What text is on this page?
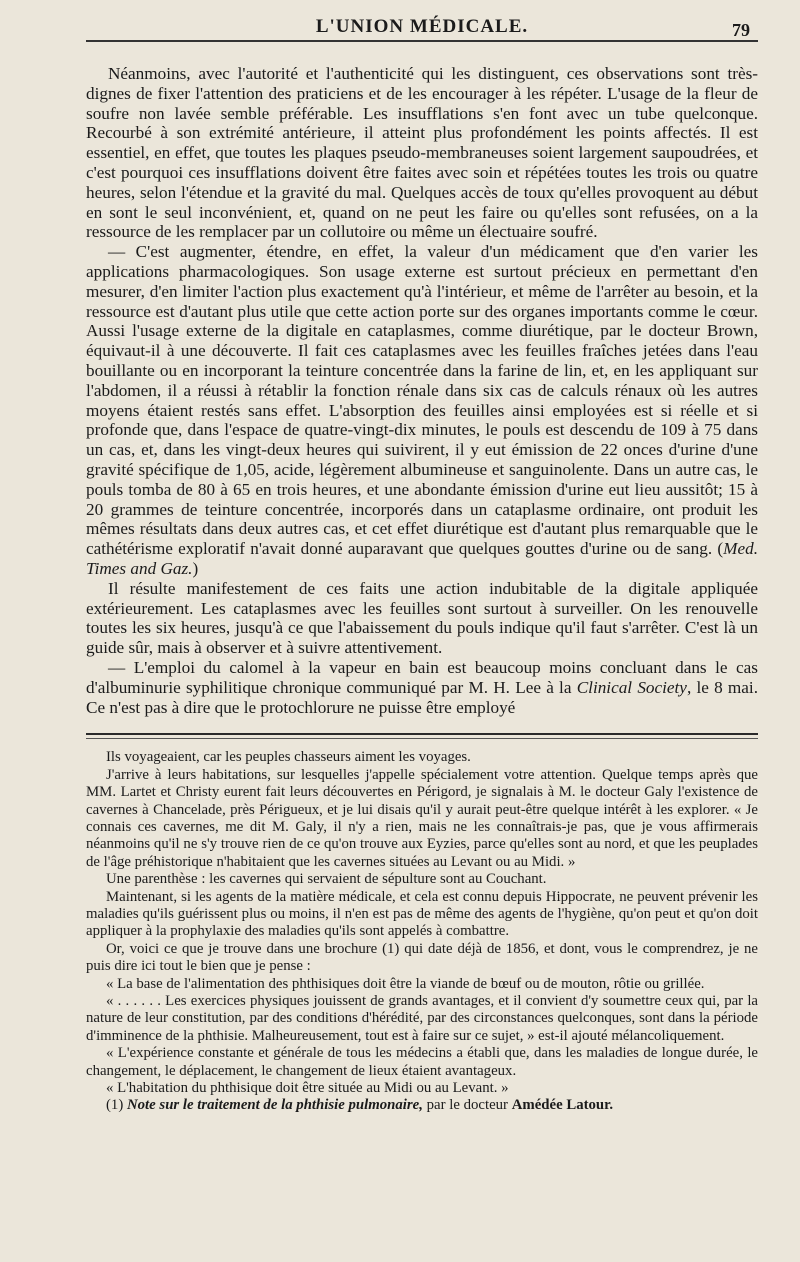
L'UNION MÉDICALE.	79

Néanmoins, avec l'autorité et l'authenticité qui les distinguent, ces observations sont très-dignes de fixer l'attention des praticiens et de les encourager à les répéter. L'usage de la fleur de soufre non lavée semble préférable. Les insufflations s'en font avec un tube quelconque. Recourbé à son extrémité antérieure, il atteint plus profondément les points affectés. Il est essentiel, en effet, que toutes les plaques pseudo-membraneuses soient largement saupoudrées, et c'est pourquoi ces insufflations doivent être faites avec soin et répétées toutes les trois ou quatre heures, selon l'étendue et la gravité du mal. Quelques accès de toux qu'elles provoquent au début en sont le seul inconvénient, et, quand on ne peut les faire ou qu'elles sont refusées, on a la ressource de les remplacer par un collutoire ou même un électuaire soufré.

— C'est augmenter, étendre, en effet, la valeur d'un médicament que d'en varier les applications pharmacologiques. Son usage externe est surtout précieux en permettant d'en mesurer, d'en limiter l'action plus exactement qu'à l'intérieur, et même de l'arrêter au besoin, et la ressource est d'autant plus utile que cette action porte sur des organes importants comme le cœur. Aussi l'usage externe de la digitale en cataplasmes, comme diurétique, par le docteur Brown, équivaut-il à une découverte. Il fait ces cataplasmes avec les feuilles fraîches jetées dans l'eau bouillante ou en incorporant la teinture concentrée dans la farine de lin, et, en les appliquant sur l'abdomen, il a réussi à rétablir la fonction rénale dans six cas de calculs rénaux où les autres moyens étaient restés sans effet. L'absorption des feuilles ainsi employées est si réelle et si profonde que, dans l'espace de quatre-vingt-dix minutes, le pouls est descendu de 109 à 75 dans un cas, et, dans les vingt-deux heures qui suivirent, il y eut émission de 22 onces d'urine d'une gravité spécifique de 1,05, acide, légèrement albumineuse et sanguinolente. Dans un autre cas, le pouls tomba de 80 à 65 en trois heures, et une abondante émission d'urine eut lieu aussitôt; 15 à 20 grammes de teinture concentrée, incorporés dans un cataplasme ordinaire, ont produit les mêmes résultats dans deux autres cas, et cet effet diurétique est d'autant plus remarquable que le cathétérisme exploratif n'avait donné auparavant que quelques gouttes d'urine ou de sang. (Med. Times and Gaz.)

Il résulte manifestement de ces faits une action indubitable de la digitale appliquée extérieurement. Les cataplasmes avec les feuilles sont surtout à surveiller. On les renouvelle toutes les six heures, jusqu'à ce que l'abaissement du pouls indique qu'il faut s'arrêter. C'est là un guide sûr, mais à observer et à suivre attentivement.

— L'emploi du calomel à la vapeur en bain est beaucoup moins concluant dans le cas d'albuminurie syphilitique chronique communiqué par M. H. Lee à la Clinical Society, le 8 mai. Ce n'est pas à dire que le protochlorure ne puisse être employé

Ils voyageaient, car les peuples chasseurs aiment les voyages.

J'arrive à leurs habitations, sur lesquelles j'appelle spécialement votre attention. Quelque temps après que MM. Lartet et Christy eurent fait leurs découvertes en Périgord, je signalais à M. le docteur Galy l'existence de cavernes à Chancelade, près Périgueux, et je lui disais qu'il y aurait peut-être quelque intérêt à les explorer. « Je connais ces cavernes, me dit M. Galy, il n'y a rien, mais ne les connaîtrais-je pas, que je vous affirmerais néanmoins qu'il ne s'y trouve rien de ce qu'on trouve aux Eyzies, parce qu'elles sont au nord, et que les peuplades de l'âge préhistorique n'habitaient que les cavernes situées au Levant ou au Midi. »

Une parenthèse : les cavernes qui servaient de sépulture sont au Couchant.

Maintenant, si les agents de la matière médicale, et cela est connu depuis Hippocrate, ne peuvent prévenir les maladies qu'ils guérissent plus ou moins, il n'en est pas de même des agents de l'hygiène, qu'on peut et qu'on doit appliquer à la prophylaxie des maladies qu'ils sont appelés à combattre.

Or, voici ce que je trouve dans une brochure (1) qui date déjà de 1856, et dont, vous le comprendrez, je ne puis dire ici tout le bien que je pense :

« La base de l'alimentation des phthisiques doit être la viande de bœuf ou de mouton, rôtie ou grillée.

« . . . . . . Les exercices physiques jouissent de grands avantages, et il convient d'y soumettre ceux qui, par la nature de leur constitution, par des conditions d'hérédité, par des circonstances quelconques, sont dans la période d'imminence de la phthisie. Malheureusement, tout est à faire sur ce sujet, » est-il ajouté mélancoliquement.

« L'expérience constante et générale de tous les médecins a établi que, dans les maladies de longue durée, le changement, le déplacement, le changement de lieux étaient avantageux.

« L'habitation du phthisique doit être située au Midi ou au Levant. »

(1) Note sur le traitement de la phthisie pulmonaire, par le docteur Amédée Latour.
